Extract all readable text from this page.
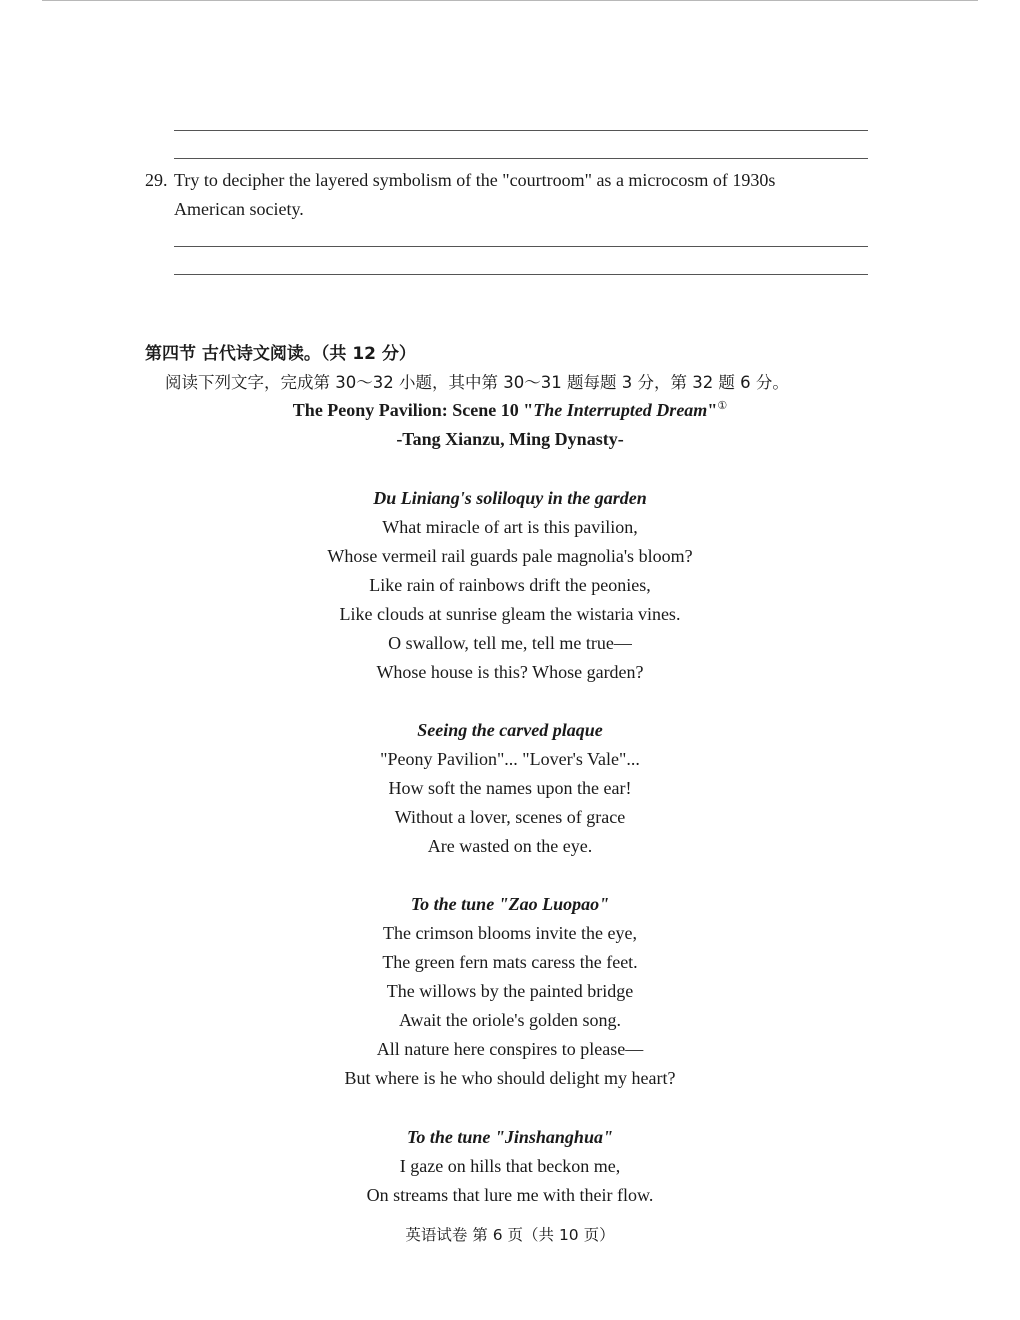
29. Try to decipher the layered symbolism of the "courtroom" as a microcosm of 1930s American society.
第四节 古代诗文阅读。（共 12 分）
阅读下列文字，完成第 30～32 小题，其中第 30～31 题每题 3 分，第 32 题 6 分。
The Peony Pavilion: Scene 10 "The Interrupted Dream"①
-Tang Xianzu, Ming Dynasty-
Du Liniang's soliloquy in the garden
What miracle of art is this pavilion,
Whose vermeil rail guards pale magnolia's bloom?
Like rain of rainbows drift the peonies,
Like clouds at sunrise gleam the wistaria vines.
O swallow, tell me, tell me true—
Whose house is this? Whose garden?
Seeing the carved plaque
"Peony Pavilion"... "Lover's Vale"...
How soft the names upon the ear!
Without a lover, scenes of grace
Are wasted on the eye.
To the tune "Zao Luopao"
The crimson blooms invite the eye,
The green fern mats caress the feet.
The willows by the painted bridge
Await the oriole's golden song.
All nature here conspires to please—
But where is he who should delight my heart?
To the tune "Jinshanghua"
I gaze on hills that beckon me,
On streams that lure me with their flow.
英语试卷 第 6 页（共 10 页）
